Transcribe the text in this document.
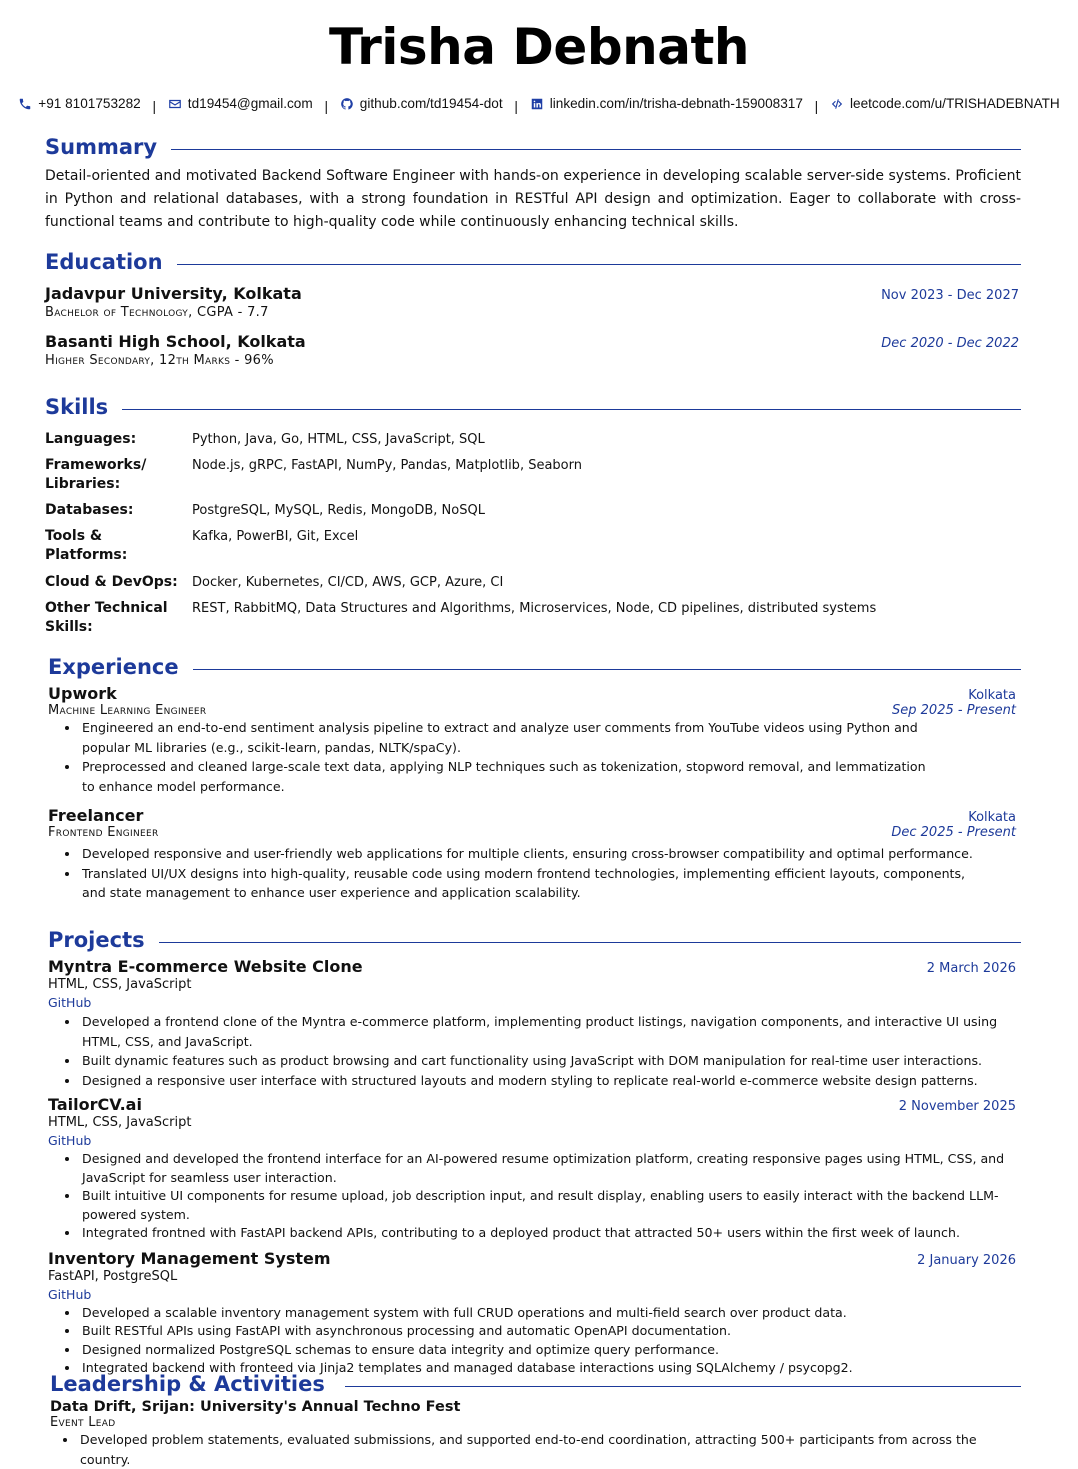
Trisha Debnath
+91 8101753282 | td19454@gmail.com | github.com/td19454-dot | linkedin.com/in/trisha-debnath-159008317 | leetcode.com/u/TRISHADEBNATH
Summary
Detail-oriented and motivated Backend Software Engineer with hands-on experience in developing scalable server-side systems. Proficient in Python and relational databases, with a strong foundation in RESTful API design and optimization. Eager to collaborate with cross-functional teams and contribute to high-quality code while continuously enhancing technical skills.
Education
Jadavpur University, Kolkata	Nov 2023 - Dec 2027
Bachelor of Technology, CGPA - 7.7
Basanti High School, Kolkata	Dec 2020 - Dec 2022
Higher Secondary, 12th Marks - 96%
Skills
Languages:	Python, Java, Go, HTML, CSS, JavaScript, SQL
Frameworks/ Libraries:
Node.js, gRPC, FastAPI, NumPy, Pandas, Matplotlib, Seaborn
Databases:	PostgreSQL, MySQL, Redis, MongoDB, NoSQL
Tools & Platforms:
Kafka, PowerBI, Git, Excel
Cloud & DevOps:	Docker, Kubernetes, CI/CD, AWS, GCP, Azure, CI
Other Technical Skills:
REST, RabbitMQ, Data Structures and Algorithms, Microservices, Node, CD pipelines, distributed systems
Experience
Upwork	Kolkata
Machine Learning Engineer	Sep 2025 - Present
• Engineered an end-to-end sentiment analysis pipeline to extract and analyze user comments from YouTube videos using Python and popular ML libraries (e.g., scikit-learn, pandas, NLTK/spaCy).
• Preprocessed and cleaned large-scale text data, applying NLP techniques such as tokenization, stopword removal, and lemmatization to enhance model performance.
Freelancer	Kolkata
Frontend Engineer	Dec 2025 - Present
• Developed responsive and user-friendly web applications for multiple clients, ensuring cross-browser compatibility and optimal performance.
• Translated UI/UX designs into high-quality, reusable code using modern frontend technologies, implementing efficient layouts, components, and state management to enhance user experience and application scalability.
Projects
Myntra E-commerce Website Clone	2 March 2026
HTML, CSS, JavaScript
GitHub
• Developed a frontend clone of the Myntra e-commerce platform, implementing product listings, navigation components, and interactive UI using HTML, CSS, and JavaScript.
• Built dynamic features such as product browsing and cart functionality using JavaScript with DOM manipulation for real-time user interactions.
• Designed a responsive user interface with structured layouts and modern styling to replicate real-world e-commerce website design patterns.
TailorCV.ai	2 November 2025
HTML, CSS, JavaScript
GitHub
• Designed and developed the frontend interface for an AI-powered resume optimization platform, creating responsive pages using HTML, CSS, and JavaScript for seamless user interaction.
• Built intuitive UI components for resume upload, job description input, and result display, enabling users to easily interact with the backend LLM-powered system.
• Integrated frontned with FastAPI backend APIs, contributing to a deployed product that attracted 50+ users within the first week of launch.
Inventory Management System	2 January 2026
FastAPI, PostgreSQL
GitHub
• Developed a scalable inventory management system with full CRUD operations and multi-field search over product data.
• Built RESTful APIs using FastAPI with asynchronous processing and automatic OpenAPI documentation.
• Designed normalized PostgreSQL schemas to ensure data integrity and optimize query performance.
• Integrated backend with fronteed via Jinja2 templates and managed database interactions using SQLAlchemy / psycopg2.
Leadership & Activities
Data Drift, Srijan: University's Annual Techno Fest
Event Lead
• Developed problem statements, evaluated submissions, and supported end-to-end coordination, attracting 500+ participants from across the country.
